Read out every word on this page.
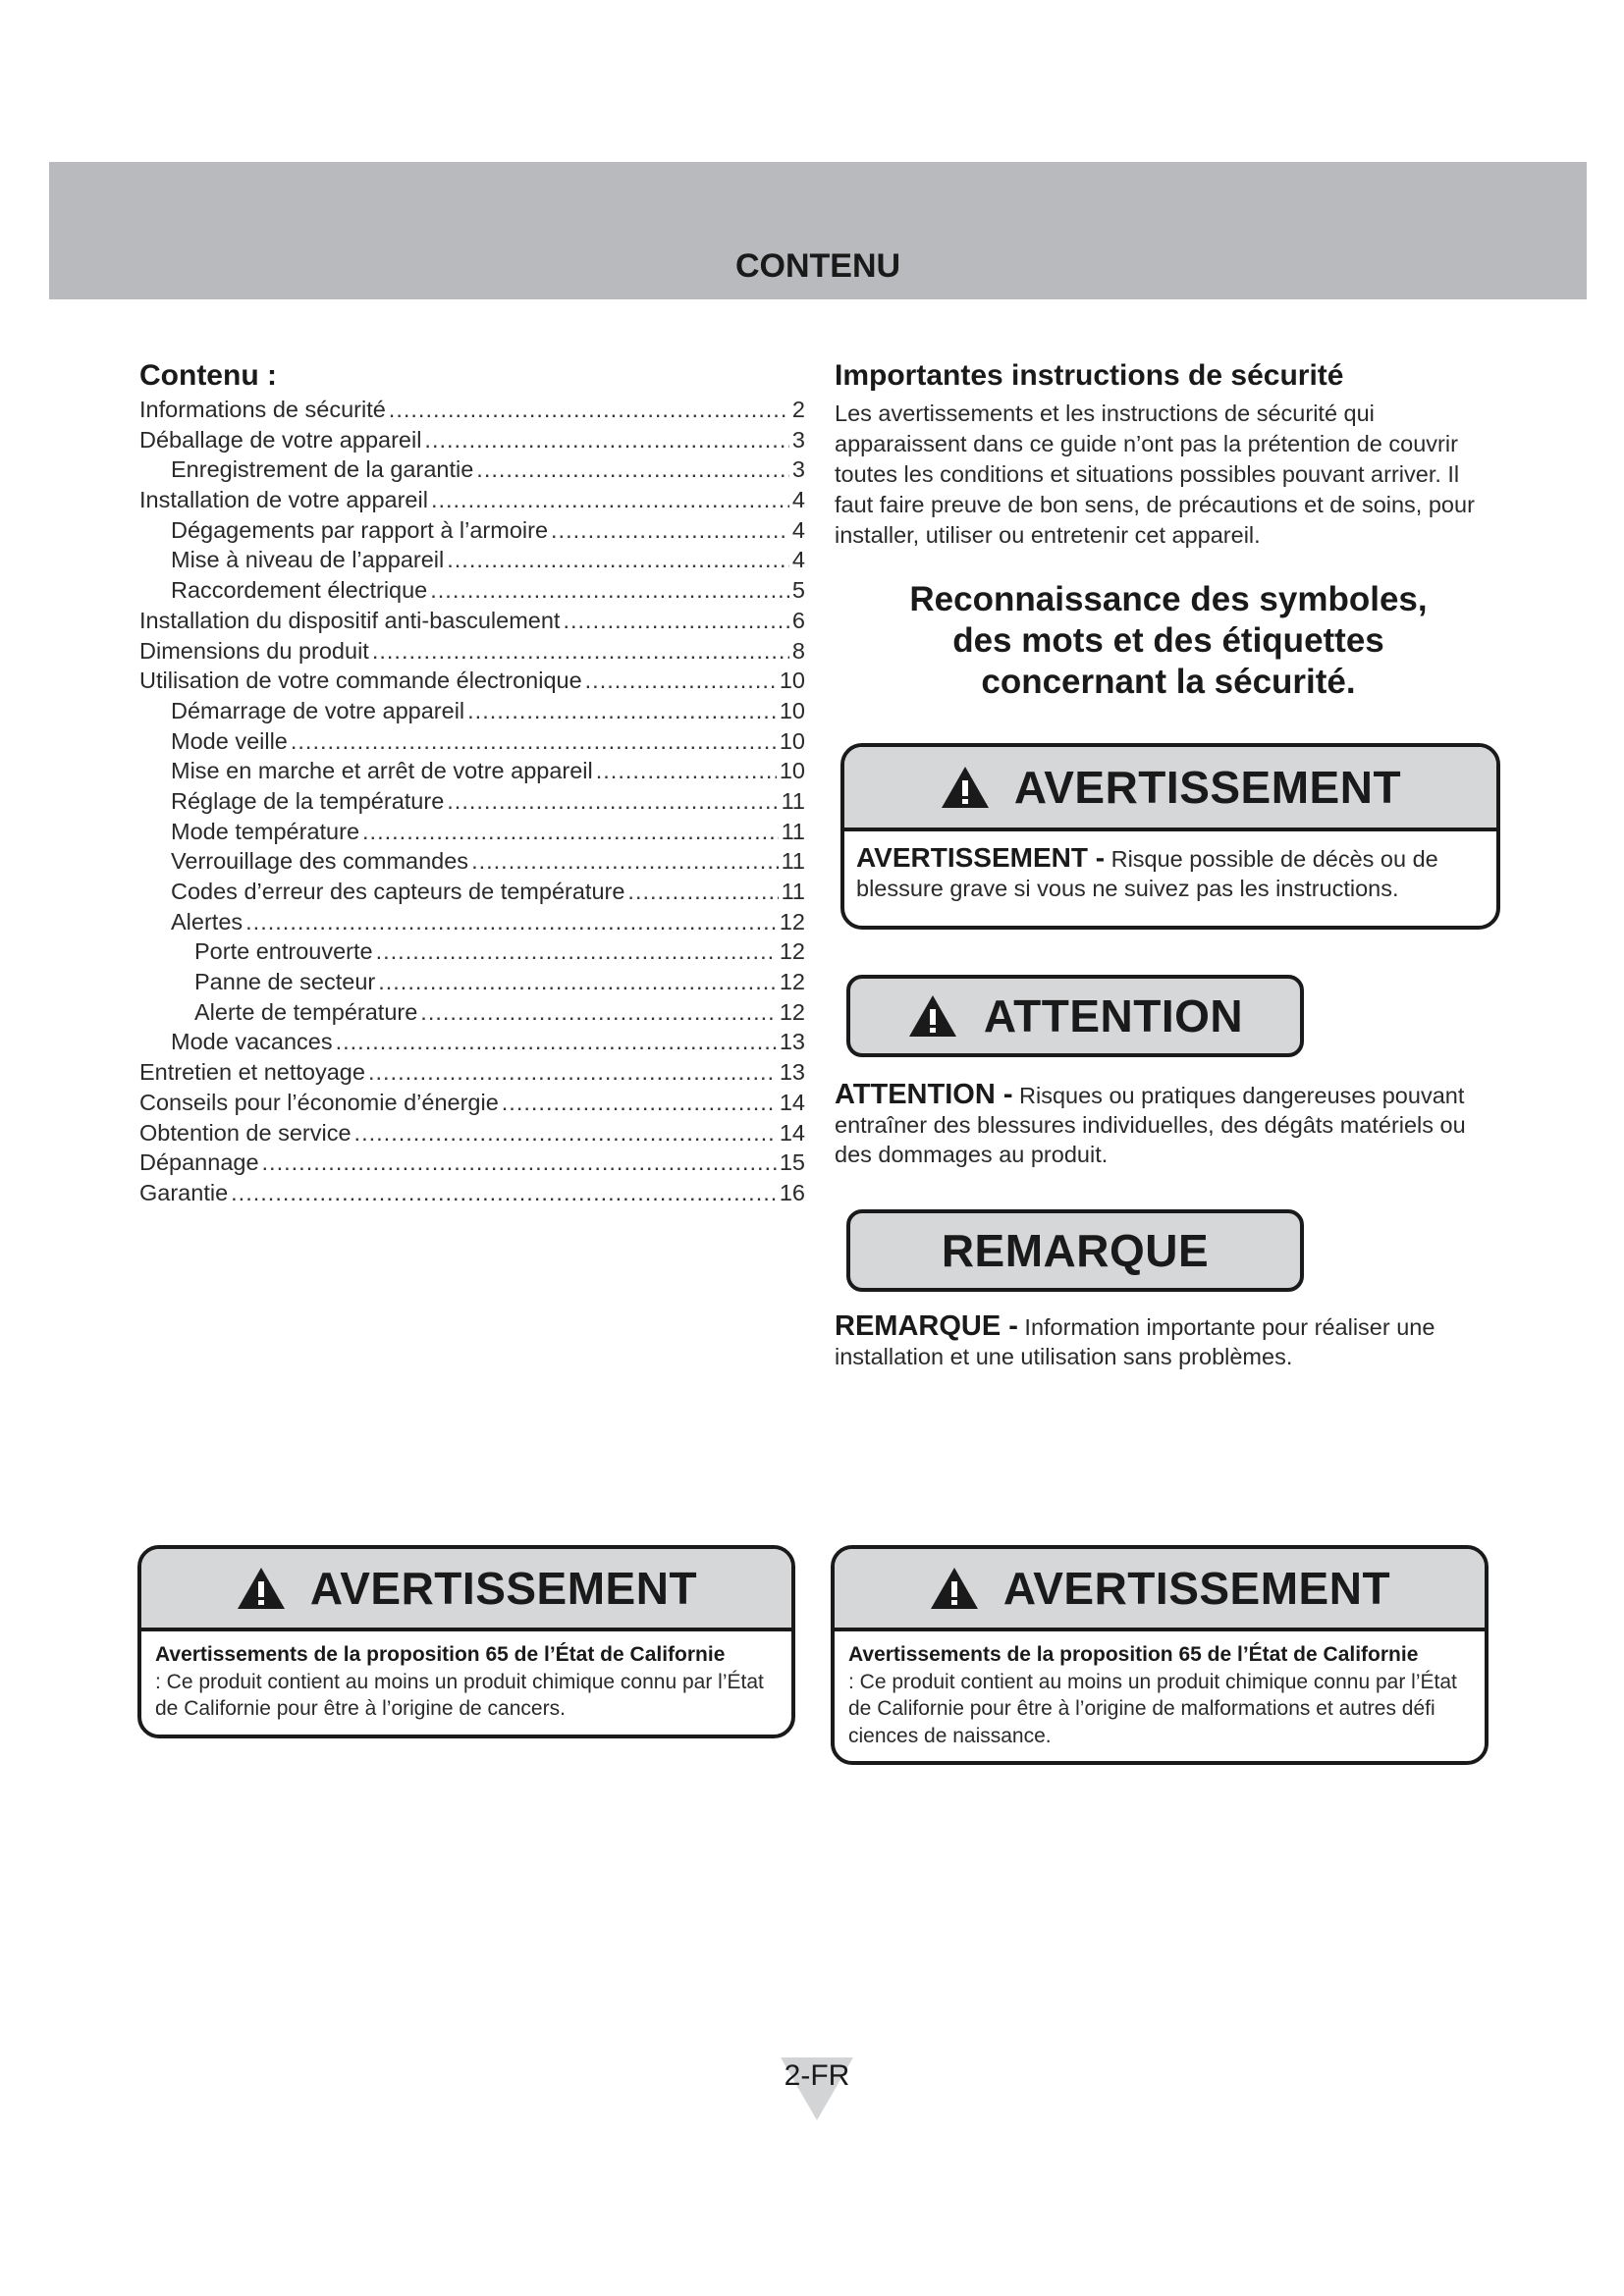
CONTENU
Contenu :
Informations de sécurité .....	2
Déballage de votre appareil .....	3
Enregistrement de la garantie .....	3
Installation de votre appareil .....	4
Dégagements par rapport à l’armoire .....	4
Mise à niveau de l’appareil .....	4
Raccordement électrique .....	5
Installation du dispositif anti-basculement .....	6
Dimensions du produit .....	8
Utilisation de votre commande électronique .....	10
Démarrage de votre appareil .....	10
Mode veille .....	10
Mise en marche et arrêt de votre appareil .....	10
Réglage de la température .....	11
Mode température .....	11
Verrouillage des commandes .....	11
Codes d’erreur des capteurs de température .....	11
Alertes .....	12
Porte entrouverte .....	12
Panne de secteur .....	12
Alerte de température .....	12
Mode vacances .....	13
Entretien et nettoyage .....	13
Conseils pour l’économie d’énergie .....	14
Obtention de service .....	14
Dépannage .....	15
Garantie .....	16
Importantes instructions de sécurité

Les avertissements et les instructions de sécurité qui apparaissent dans ce guide n’ont pas la prétention de couvrir toutes les conditions et situations possibles pouvant arriver. Il faut faire preuve de bon sens, de précautions et de soins, pour installer, utiliser ou entretenir cet appareil.

Reconnaissance des symboles,
des mots et des étiquettes
concernant la sécurité.
AVERTISSEMENT
AVERTISSEMENT - Risque possible de décès ou de blessure grave si vous ne suivez pas les instructions.
ATTENTION
ATTENTION - Risques ou pratiques dangereuses pouvant entraîner des blessures individuelles, des dégâts matériels ou des dommages au produit.
REMARQUE
REMARQUE - Information importante pour réaliser une installation et une utilisation sans problèmes.
AVERTISSEMENT
Avertissements de la proposition 65 de l’État de Californie
: Ce produit contient au moins un produit chimique connu par l’État de Californie pour être à l’origine de cancers.
AVERTISSEMENT
Avertissements de la proposition 65 de l’État de Californie
: Ce produit contient au moins un produit chimique connu par l’État de Californie pour être à l’origine de malformations et autres défi ciences de naissance.
2-FR
